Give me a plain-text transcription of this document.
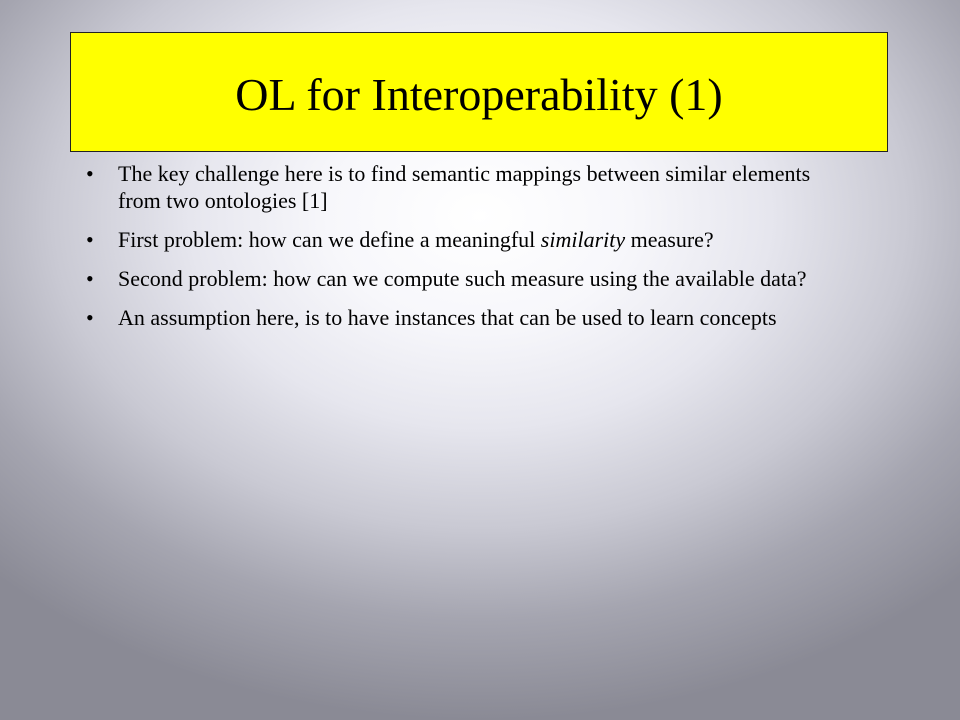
OL for Interoperability (1)
• The key challenge here is to find semantic mappings between similar elements from two ontologies [1]
• First problem: how can we define a meaningful similarity measure?
• Second problem: how can we compute such measure using the available data?
• An assumption here, is to have instances that can be used to learn concepts
